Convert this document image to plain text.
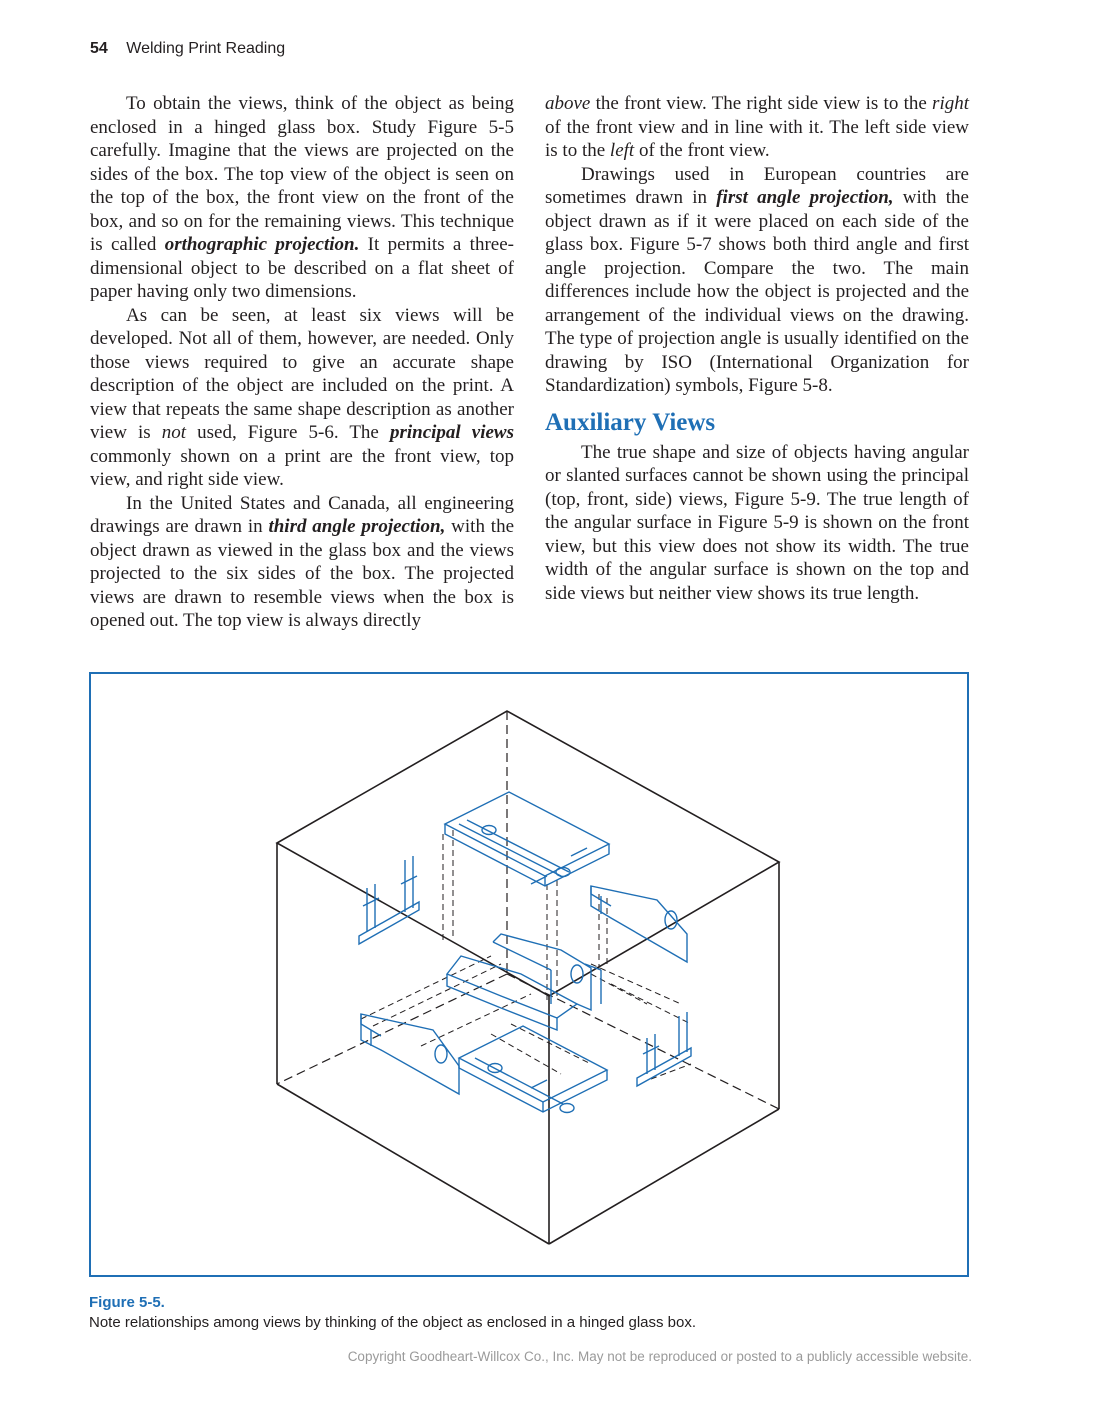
54 Welding Print Reading

To obtain the views, think of the object as being enclosed in a hinged glass box. Study Figure 5-5 carefully. Imagine that the views are projected on the sides of the box. The top view of the object is seen on the top of the box, the front view on the front of the box, and so on for the remaining views. This technique is called orthographic projection. It permits a three-dimensional object to be described on a flat sheet of paper having only two dimensions.

As can be seen, at least six views will be developed. Not all of them, however, are needed. Only those views required to give an accurate shape description of the object are included on the print. A view that repeats the same shape description as another view is not used, Figure 5-6. The principal views commonly shown on a print are the front view, top view, and right side view.

In the United States and Canada, all engineering drawings are drawn in third angle projection, with the object drawn as viewed in the glass box and the views projected to the six sides of the box. The projected views are drawn to resemble views when the box is opened out. The top view is always directly

above the front view. The right side view is to the right of the front view and in line with it. The left side view is to the left of the front view.

Drawings used in European countries are sometimes drawn in first angle projection, with the object drawn as if it were placed on each side of the glass box. Figure 5-7 shows both third angle and first angle projection. Compare the two. The main differences include how the object is projected and the arrangement of the individual views on the drawing. The type of projection angle is usually identified on the drawing by ISO (International Organization for Standardization) symbols, Figure 5-8.

Auxiliary Views

The true shape and size of objects having angular or slanted surfaces cannot be shown using the principal (top, front, side) views, Figure 5-9. The true length of the angular surface in Figure 5-9 is shown on the front view, but this view does not show its width. The true width of the angular surface is shown on the top and side views but neither view shows its true length.

Figure 5-5.
Note relationships among views by thinking of the object as enclosed in a hinged glass box.
Copyright Goodheart-Willcox Co., Inc. May not be reproduced or posted to a publicly accessible website.
